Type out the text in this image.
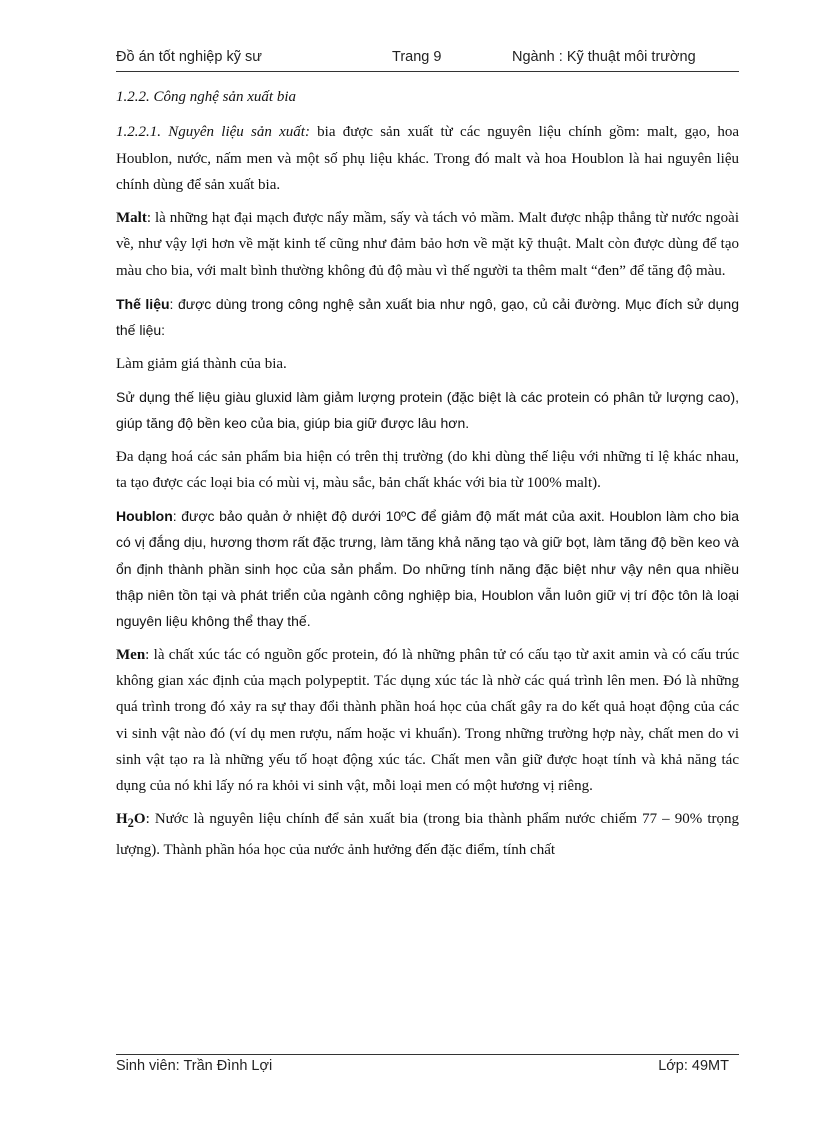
Đồ án tốt nghiệp kỹ sư	Trang 9	Ngành : Kỹ thuật môi trường

1.2.2. Công nghệ sản xuất bia

1.2.2.1. Nguyên liệu sản xuất: bia được sản xuất từ các nguyên liệu chính gồm: malt, gạo, hoa Houblon, nước, nấm men và một số phụ liệu khác. Trong đó malt và hoa Houblon là hai nguyên liệu chính dùng để sản xuất bia.

Malt: là những hạt đại mạch được nẩy mầm, sấy và tách vỏ mầm. Malt được nhập thẳng từ nước ngoài về, như vậy lợi hơn về mặt kinh tế cũng như đảm bảo hơn về mặt kỹ thuật. Malt còn được dùng để tạo màu cho bia, với malt bình thường không đủ độ màu vì thế người ta thêm malt “đen” để tăng độ màu.

Thế liệu: được dùng trong công nghệ sản xuất bia như ngô, gạo, củ cải đường. Mục đích sử dụng thế liệu:

Làm giảm giá thành của bia.

Sử dụng thế liệu giàu gluxid làm giảm lượng protein (đặc biệt là các protein có phân tử lượng cao), giúp tăng độ bền keo của bia, giúp bia giữ được lâu hơn.

Đa dạng hoá các sản phẩm bia hiện có trên thị trường (do khi dùng thế liệu với những tỉ lệ khác nhau, ta tạo được các loại bia có mùi vị, màu sắc, bản chất khác với bia từ 100% malt).

Houblon: được bảo quản ở nhiệt độ dưới 10ºC để giảm độ mất mát của axit. Houblon làm cho bia có vị đắng dịu, hương thơm rất đặc trưng, làm tăng khả năng tạo và giữ bọt, làm tăng độ bền keo và ổn định thành phần sinh học của sản phẩm. Do những tính năng đặc biệt như vậy nên qua nhiều thập niên tồn tại và phát triển của ngành công nghiệp bia, Houblon vẫn luôn giữ vị trí độc tôn là loại nguyên liệu không thể thay thế.

Men: là chất xúc tác có nguồn gốc protein, đó là những phân tử có cấu tạo từ axit amin và có cấu trúc không gian xác định của mạch polypeptit. Tác dụng xúc tác là nhờ các quá trình lên men. Đó là những quá trình trong đó xảy ra sự thay đổi thành phần hoá học của chất gây ra do kết quả hoạt động của các vi sinh vật nào đó (ví dụ men rượu, nấm hoặc vi khuẩn). Trong những trường hợp này, chất men do vi sinh vật tạo ra là những yếu tố hoạt động xúc tác. Chất men vẫn giữ được hoạt tính và khả năng tác dụng của nó khi lấy nó ra khỏi vi sinh vật, mỗi loại men có một hương vị riêng.

$H_2O$: Nước là nguyên liệu chính để sản xuất bia (trong bia thành phẩm nước chiếm 77 – 90% trọng lượng). Thành phần hóa học của nước ảnh hưởng đến đặc điểm, tính chất

Sinh viên: Trần Đình Lợi	Lớp: 49MT
